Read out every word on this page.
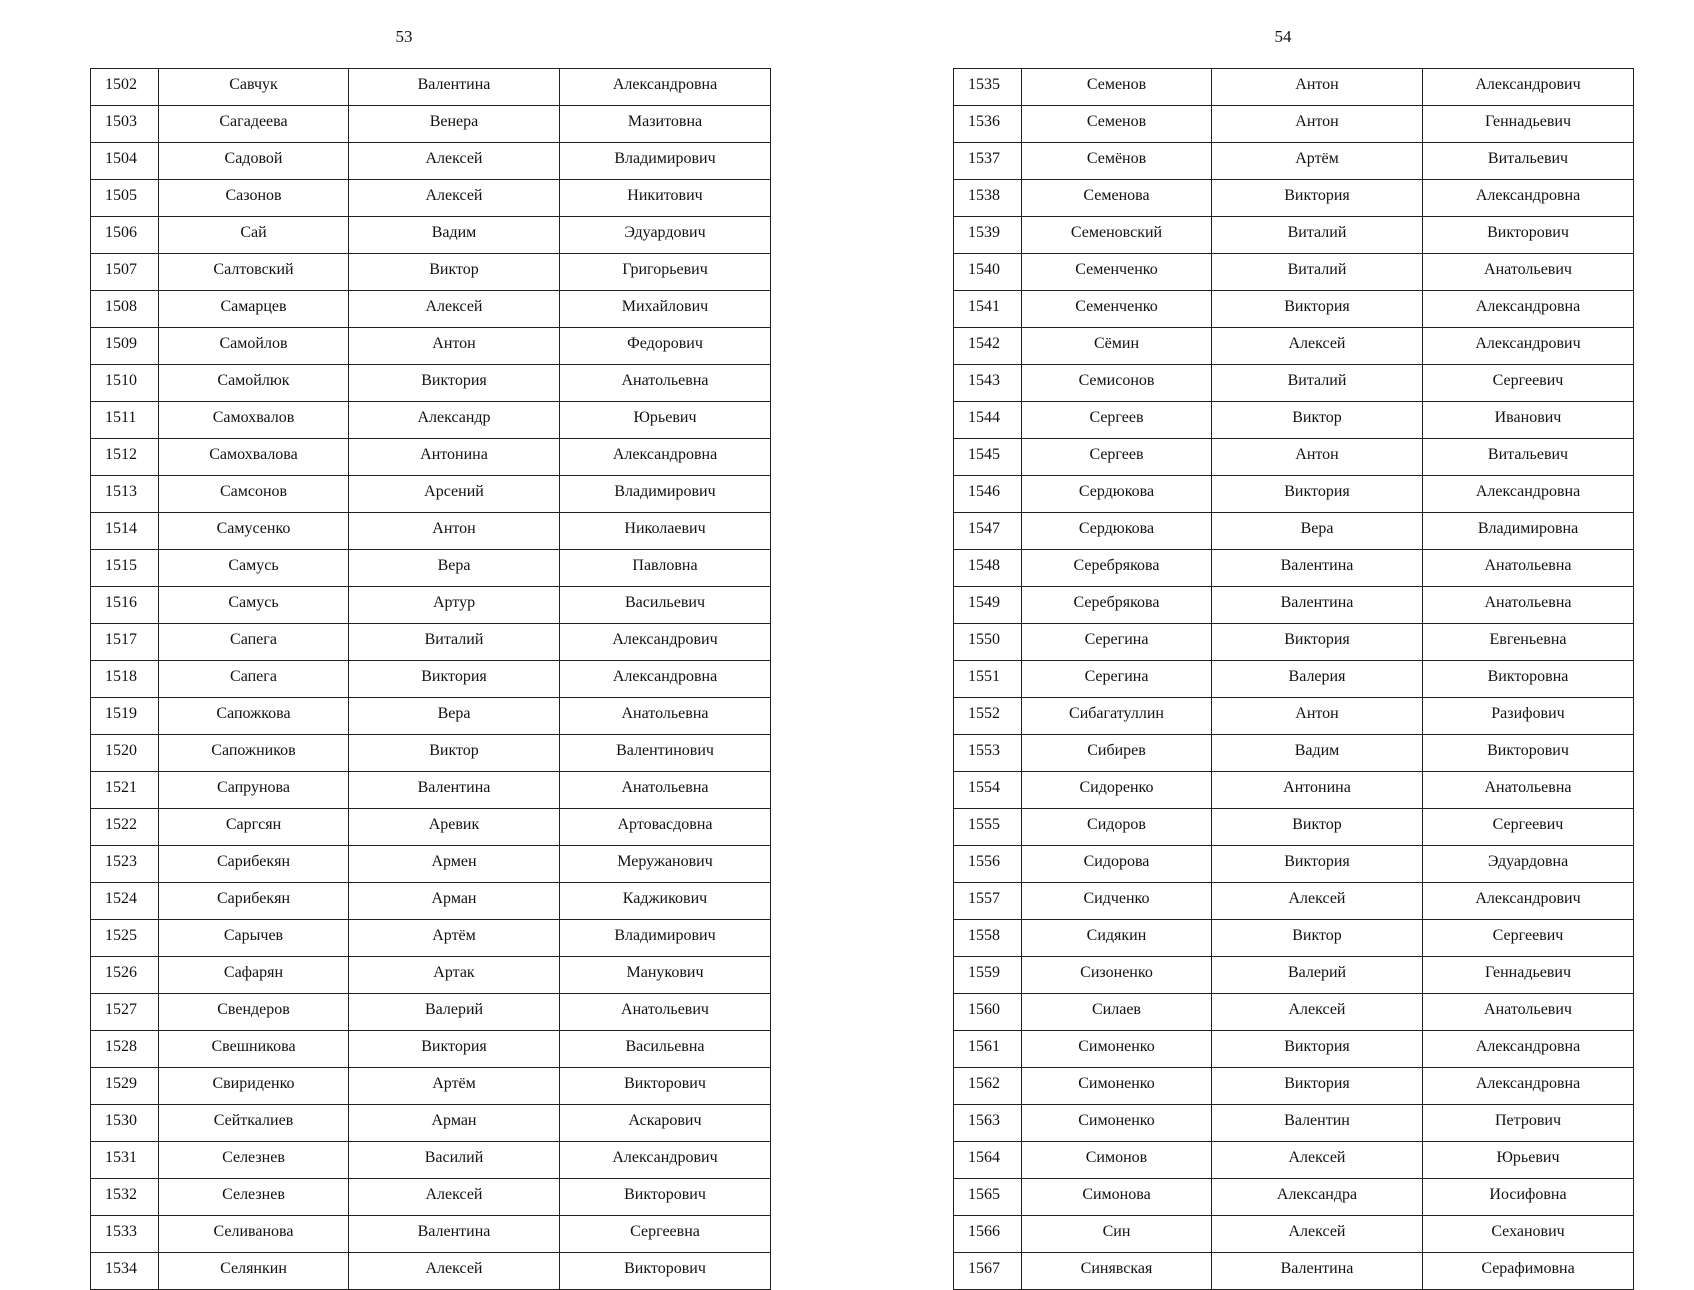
53
1502	Савчук	Валентина	Александровна
1503	Сагадеева	Венера	Мазитовна
1504	Садовой	Алексей	Владимирович
1505	Сазонов	Алексей	Никитович
1506	Сай	Вадим	Эдуардович
1507	Салтовский	Виктор	Григорьевич
1508	Самарцев	Алексей	Михайлович
1509	Самойлов	Антон	Федорович
1510	Самойлюк	Виктория	Анатольевна
1511	Самохвалов	Александр	Юрьевич
1512	Самохвалова	Антонина	Александровна
1513	Самсонов	Арсений	Владимирович
1514	Самусенко	Антон	Николаевич
1515	Самусь	Вера	Павловна
1516	Самусь	Артур	Васильевич
1517	Сапега	Виталий	Александрович
1518	Сапега	Виктория	Александровна
1519	Сапожкова	Вера	Анатольевна
1520	Сапожников	Виктор	Валентинович
1521	Сапрунова	Валентина	Анатольевна
1522	Саргсян	Аревик	Артовасдовна
1523	Сарибекян	Армен	Меружанович
1524	Сарибекян	Арман	Каджикович
1525	Сарычев	Артём	Владимирович
1526	Сафарян	Артак	Манукович
1527	Свендеров	Валерий	Анатольевич
1528	Свешникова	Виктория	Васильевна
1529	Свириденко	Артём	Викторович
1530	Сейткалиев	Арман	Аскарович
1531	Селезнев	Василий	Александрович
1532	Селезнев	Алексей	Викторович
1533	Селиванова	Валентина	Сергеевна
1534	Селянкин	Алексей	Викторович
54
1535	Семенов	Антон	Александрович
1536	Семенов	Антон	Геннадьевич
1537	Семёнов	Артём	Витальевич
1538	Семенова	Виктория	Александровна
1539	Семеновский	Виталий	Викторович
1540	Семенченко	Виталий	Анатольевич
1541	Семенченко	Виктория	Александровна
1542	Сёмин	Алексей	Александрович
1543	Семисонов	Виталий	Сергеевич
1544	Сергеев	Виктор	Иванович
1545	Сергеев	Антон	Витальевич
1546	Сердюкова	Виктория	Александровна
1547	Сердюкова	Вера	Владимировна
1548	Серебрякова	Валентина	Анатольевна
1549	Серебрякова	Валентина	Анатольевна
1550	Серегина	Виктория	Евгеньевна
1551	Серегина	Валерия	Викторовна
1552	Сибагатуллин	Антон	Разифович
1553	Сибирев	Вадим	Викторович
1554	Сидоренко	Антонина	Анатольевна
1555	Сидоров	Виктор	Сергеевич
1556	Сидорова	Виктория	Эдуардовна
1557	Сидченко	Алексей	Александрович
1558	Сидякин	Виктор	Сергеевич
1559	Сизоненко	Валерий	Геннадьевич
1560	Силаев	Алексей	Анатольевич
1561	Симоненко	Виктория	Александровна
1562	Симоненко	Виктория	Александровна
1563	Симоненко	Валентин	Петрович
1564	Симонов	Алексей	Юрьевич
1565	Симонова	Александра	Иосифовна
1566	Син	Алексей	Сеханович
1567	Синявская	Валентина	Серафимовна
